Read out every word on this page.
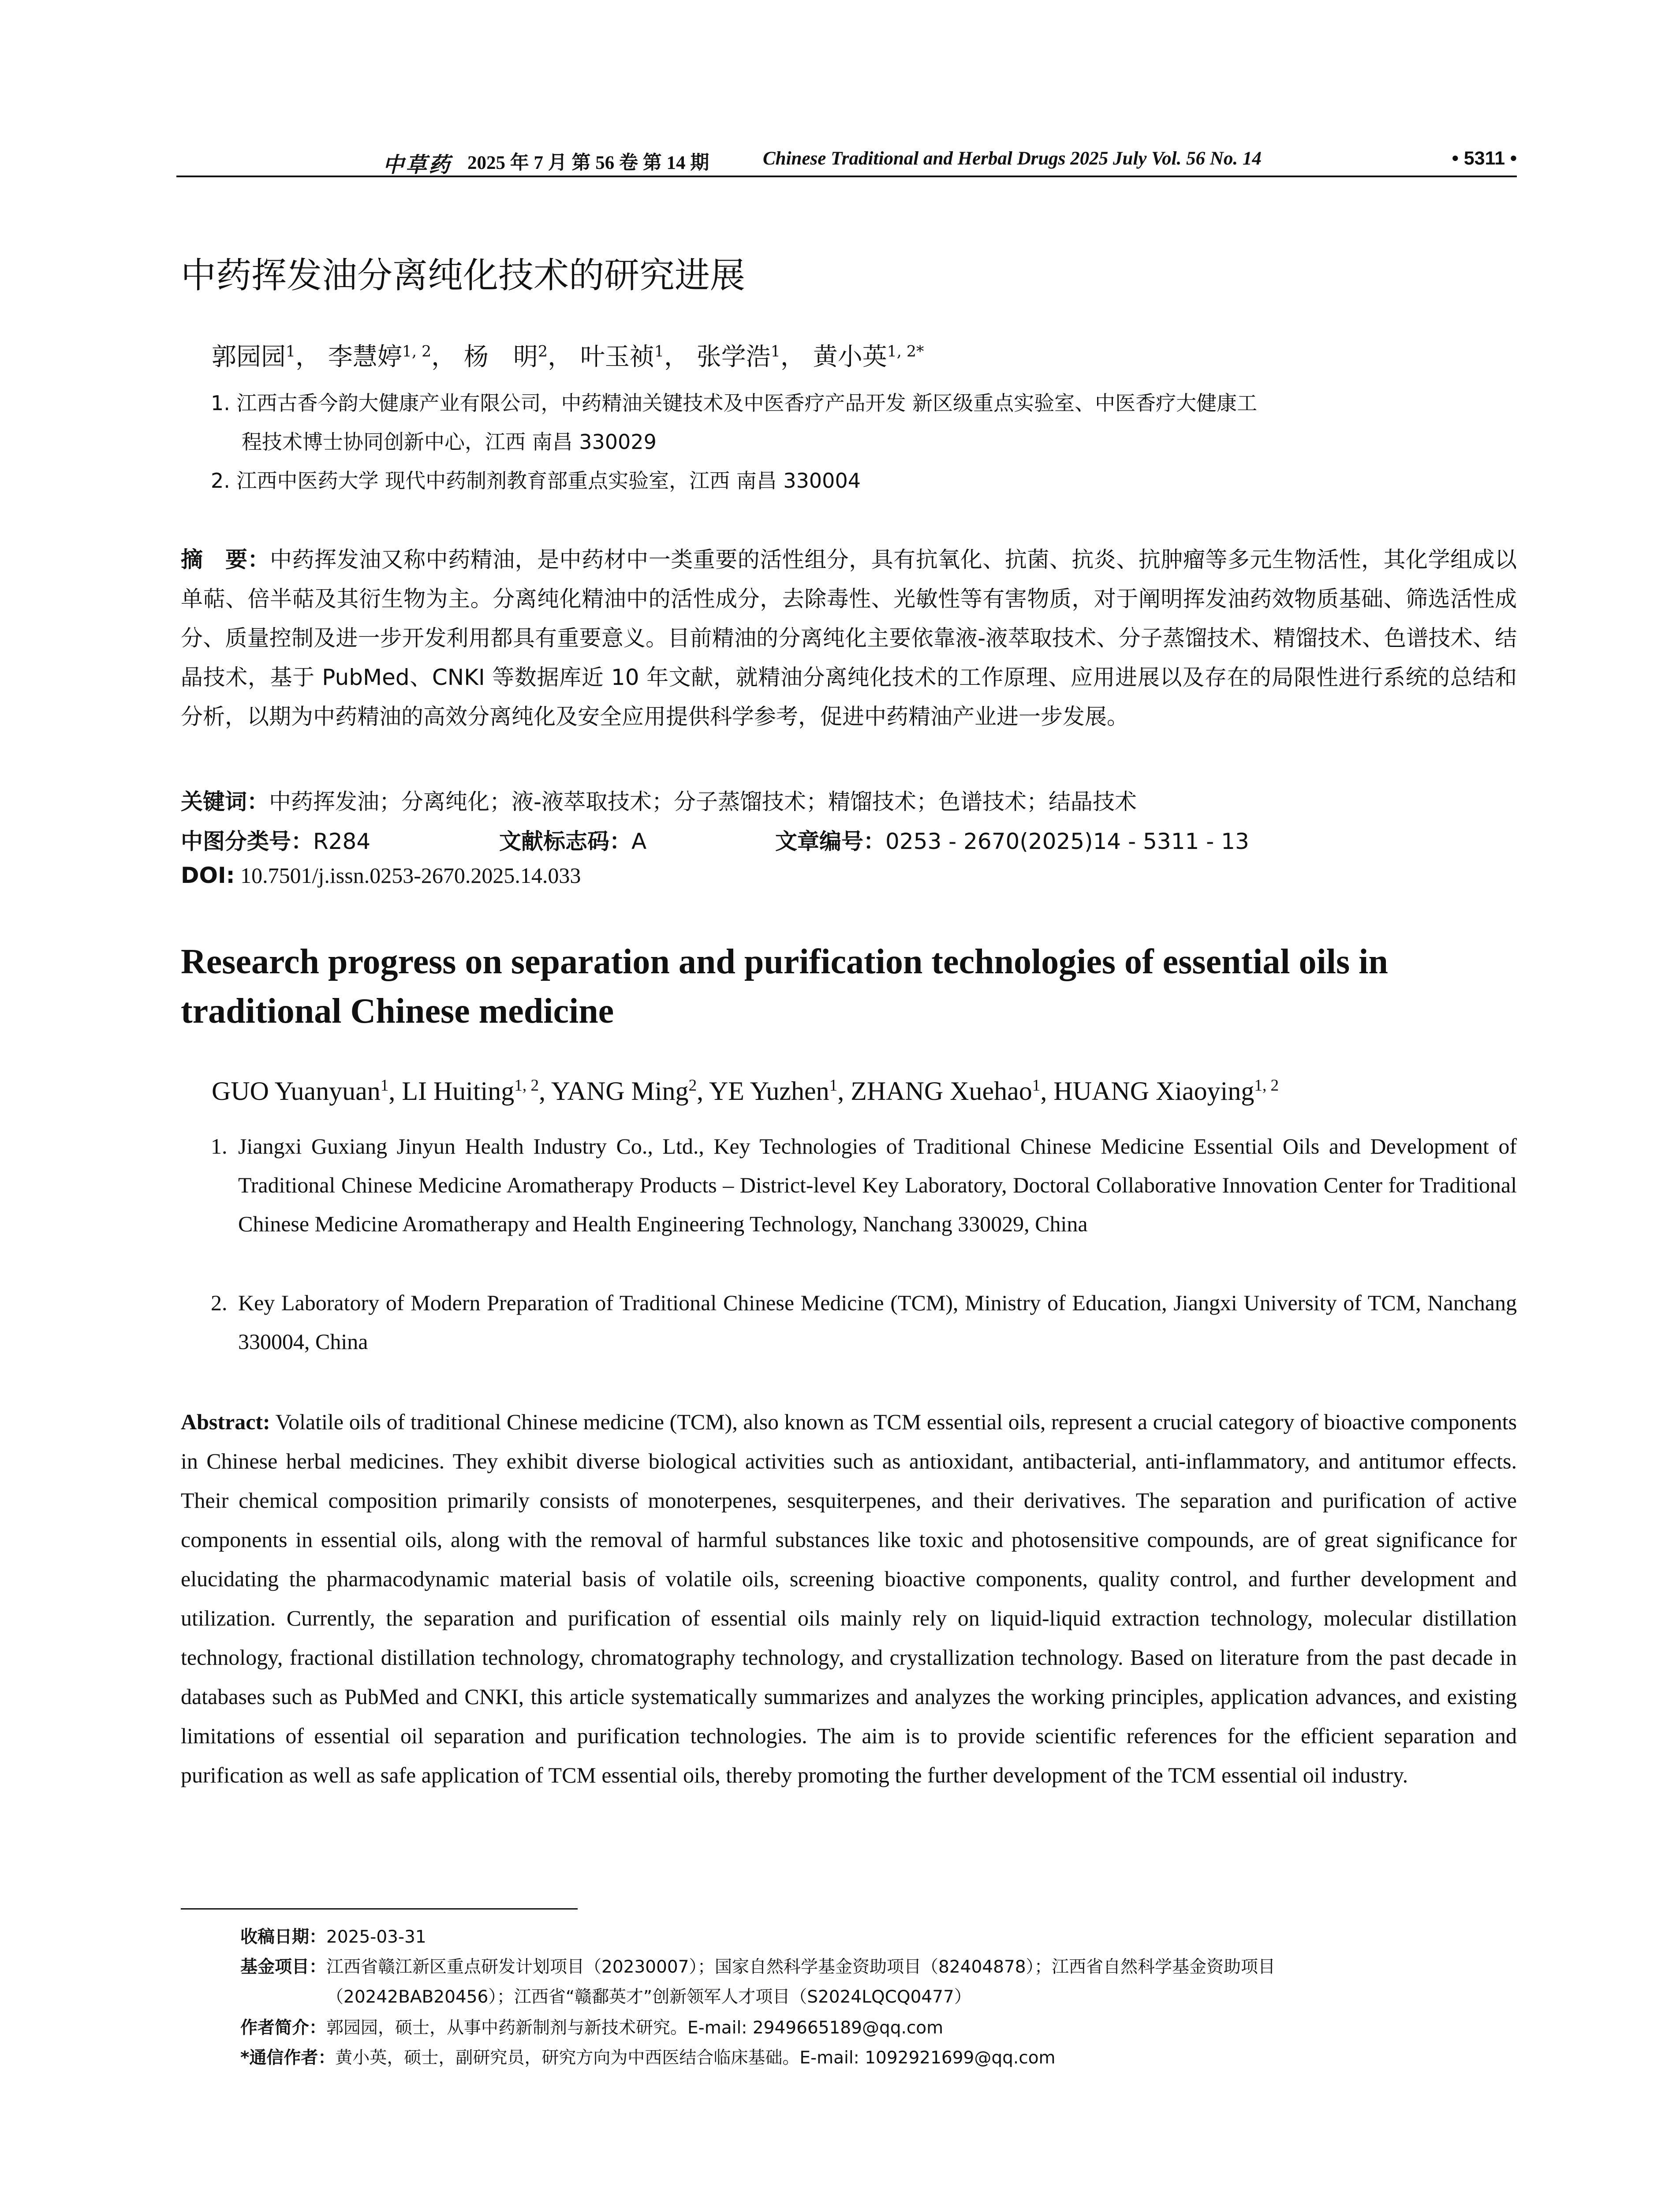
中草药 2025 年 7 月 第 56 卷 第 14 期	Chinese Traditional and Herbal Drugs 2025 July Vol. 56 No. 14	• 5311 •
中药挥发油分离纯化技术的研究进展
郭园园$^1$， 李慧婷$^{1, 2}$， 杨　明$^2$， 叶玉祯$^1$， 张学浩$^1$， 黄小英$^{1, 2*}$
1. 江西古香今韵大健康产业有限公司，中药精油关键技术及中医香疗产品开发 新区级重点实验室、中医香疗大健康工
程技术博士协同创新中心，江西 南昌 330029
2. 江西中医药大学 现代中药制剂教育部重点实验室，江西 南昌 330004
摘　要：中药挥发油又称中药精油，是中药材中一类重要的活性组分，具有抗氧化、抗菌、抗炎、抗肿瘤等多元生物活性，其化学组成以单萜、倍半萜及其衍生物为主。分离纯化精油中的活性成分，去除毒性、光敏性等有害物质，对于阐明挥发油药效物质基础、筛选活性成分、质量控制及进一步开发利用都具有重要意义。目前精油的分离纯化主要依靠液-液萃取技术、分子蒸馏技术、精馏技术、色谱技术、结晶技术，基于 PubMed、CNKI 等数据库近 10 年文献，就精油分离纯化技术的工作原理、应用进展以及存在的局限性进行系统的总结和分析，以期为中药精油的高效分离纯化及安全应用提供科学参考，促进中药精油产业进一步发展。
关键词：中药挥发油；分离纯化；液-液萃取技术；分子蒸馏技术；精馏技术；色谱技术；结晶技术
中图分类号：R284	文献标志码：A	文章编号：0253 - 2670(2025)14 - 5311 - 13
DOI: 10.7501/j.issn.0253-2670.2025.14.033
Research progress on separation and purification technologies of essential oils in
traditional Chinese medicine
GUO Yuanyuan$^1$, LI Huiting$^{1, 2}$, YANG Ming$^2$, YE Yuzhen$^1$, ZHANG Xuehao$^1$, HUANG Xiaoying$^{1, 2}$
1. Jiangxi Guxiang Jinyun Health Industry Co., Ltd., Key Technologies of Traditional Chinese Medicine Essential Oils and Development of Traditional Chinese Medicine Aromatherapy Products – District-level Key Laboratory, Doctoral Collaborative Innovation Center for Traditional Chinese Medicine Aromatherapy and Health Engineering Technology, Nanchang 330029, China
2. Key Laboratory of Modern Preparation of Traditional Chinese Medicine (TCM), Ministry of Education, Jiangxi University of TCM, Nanchang 330004, China
Abstract: Volatile oils of traditional Chinese medicine (TCM), also known as TCM essential oils, represent a crucial category of bioactive components in Chinese herbal medicines. They exhibit diverse biological activities such as antioxidant, antibacterial, anti-inflammatory, and antitumor effects. Their chemical composition primarily consists of monoterpenes, sesquiterpenes, and their derivatives. The separation and purification of active components in essential oils, along with the removal of harmful substances like toxic and photosensitive compounds, are of great significance for elucidating the pharmacodynamic material basis of volatile oils, screening bioactive components, quality control, and further development and utilization. Currently, the separation and purification of essential oils mainly rely on liquid-liquid extraction technology, molecular distillation technology, fractional distillation technology, chromatography technology, and crystallization technology. Based on literature from the past decade in databases such as PubMed and CNKI, this article systematically summarizes and analyzes the working principles, application advances, and existing limitations of essential oil separation and purification technologies. The aim is to provide scientific references for the efficient separation and purification as well as safe application of TCM essential oils, thereby promoting the further development of the TCM essential oil industry.
收稿日期：2025-03-31
基金项目：江西省赣江新区重点研发计划项目（20230007）；国家自然科学基金资助项目（82404878）；江西省自然科学基金资助项目
（20242BAB20456）；江西省“赣鄱英才”创新领军人才项目（S2024LQCQ0477）
作者简介：郭园园，硕士，从事中药新制剂与新技术研究。E-mail: 2949665189@qq.com
*通信作者：黄小英，硕士，副研究员，研究方向为中西医结合临床基础。E-mail: 1092921699@qq.com
